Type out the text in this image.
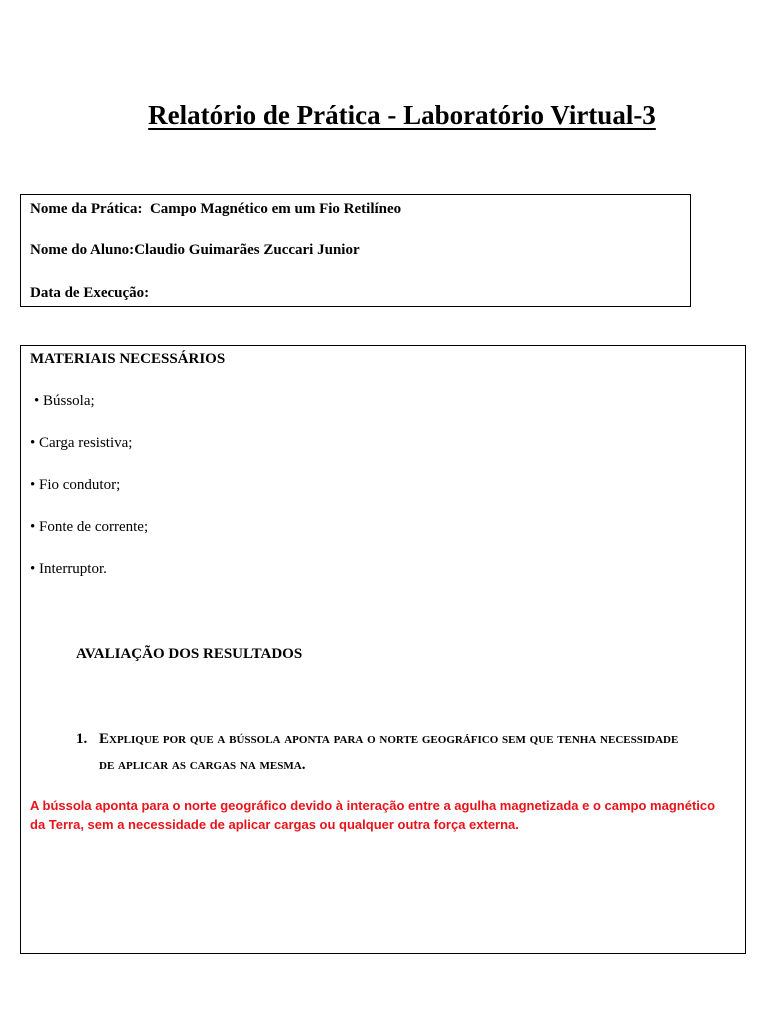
Relatório de Prática - Laboratório Virtual-3
Nome da Prática: Campo Magnético em um Fio Retilíneo
Nome do Aluno:Claudio Guimarães Zuccari Junior
Data de Execução:
MATERIAIS NECESSÁRIOS
• Bússola;
• Carga resistiva;
• Fio condutor;
• Fonte de corrente;
• Interruptor.
AVALIAÇÃO DOS RESULTADOS
1. Explique por que a bússola aponta para o norte geográfico sem que tenha necessidade de aplicar as cargas na mesma.
A bússola aponta para o norte geográfico devido à interação entre a agulha magnetizada e o campo magnético da Terra, sem a necessidade de aplicar cargas ou qualquer outra força externa.
